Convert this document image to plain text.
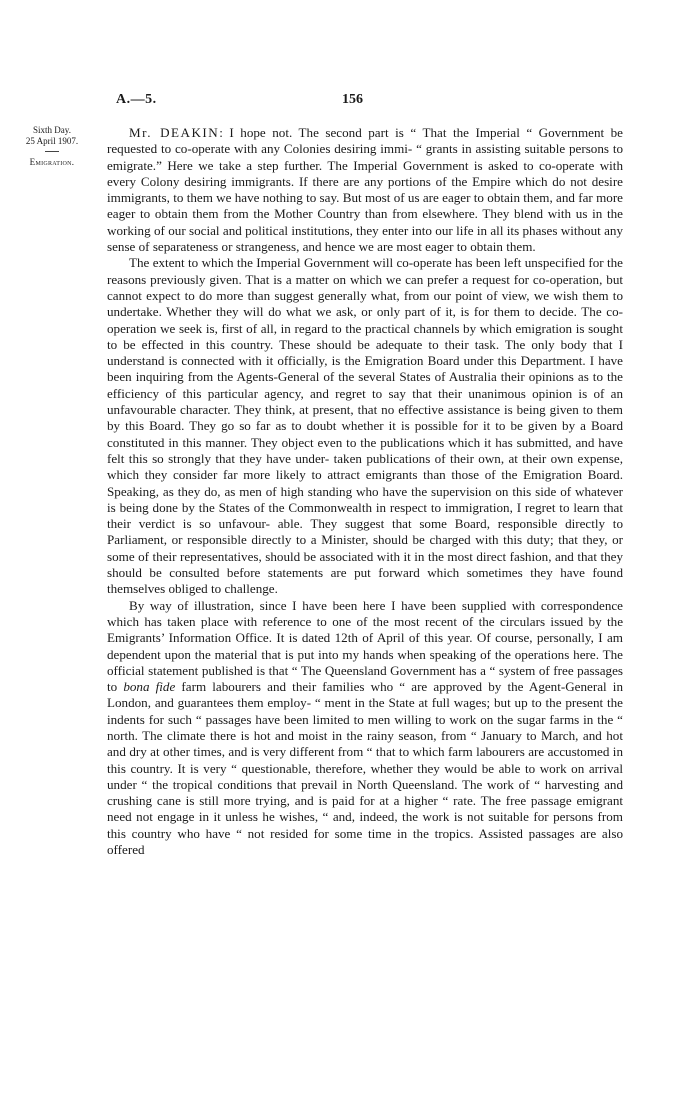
A.—5.	156
Sixth Day.
25 April 1907.
Emigration.

Mr. DEAKIN: I hope not. The second part is “ That the Imperial “ Government be requested to co-operate with any Colonies desiring immi- “ grants in assisting suitable persons to emigrate.” Here we take a step further. The Imperial Government is asked to co-operate with every Colony desiring immigrants. If there are any portions of the Empire which do not desire immigrants, to them we have nothing to say. But most of us are eager to obtain them, and far more eager to obtain them from the Mother Country than from elsewhere. They blend with us in the working of our social and political institutions, they enter into our life in all its phases without any sense of separateness or strangeness, and hence we are most eager to obtain them.

The extent to which the Imperial Government will co-operate has been left unspecified for the reasons previously given. That is a matter on which we can prefer a request for co-operation, but cannot expect to do more than suggest generally what, from our point of view, we wish them to undertake. Whether they will do what we ask, or only part of it, is for them to decide. The co-operation we seek is, first of all, in regard to the practical channels by which emigration is sought to be effected in this country. These should be adequate to their task. The only body that I understand is connected with it officially, is the Emigration Board under this Department. I have been inquiring from the Agents-General of the several States of Australia their opinions as to the efficiency of this particular agency, and regret to say that their unanimous opinion is of an unfavourable character. They think, at present, that no effective assistance is being given to them by this Board. They go so far as to doubt whether it is possible for it to be given by a Board constituted in this manner. They object even to the publications which it has submitted, and have felt this so strongly that they have under- taken publications of their own, at their own expense, which they consider far more likely to attract emigrants than those of the Emigration Board. Speaking, as they do, as men of high standing who have the supervision on this side of whatever is being done by the States of the Commonwealth in respect to immigration, I regret to learn that their verdict is so unfavour- able. They suggest that some Board, responsible directly to Parliament, or responsible directly to a Minister, should be charged with this duty; that they, or some of their representatives, should be associated with it in the most direct fashion, and that they should be consulted before statements are put forward which sometimes they have found themselves obliged to challenge.

By way of illustration, since I have been here I have been supplied with correspondence which has taken place with reference to one of the most recent of the circulars issued by the Emigrants’ Information Office. It is dated 12th of April of this year. Of course, personally, I am dependent upon the material that is put into my hands when speaking of the operations here. The official statement published is that “ The Queensland Government has a “ system of free passages to bona fide farm labourers and their families who “ are approved by the Agent-General in London, and guarantees them employ- “ ment in the State at full wages; but up to the present the indents for such “ passages have been limited to men willing to work on the sugar farms in the “ north. The climate there is hot and moist in the rainy season, from “ January to March, and hot and dry at other times, and is very different from “ that to which farm labourers are accustomed in this country. It is very “ questionable, therefore, whether they would be able to work on arrival under “ the tropical conditions that prevail in North Queensland. The work of “ harvesting and crushing cane is still more trying, and is paid for at a higher “ rate. The free passage emigrant need not engage in it unless he wishes, “ and, indeed, the work is not suitable for persons from this country who have “ not resided for some time in the tropics. Assisted passages are also offered
